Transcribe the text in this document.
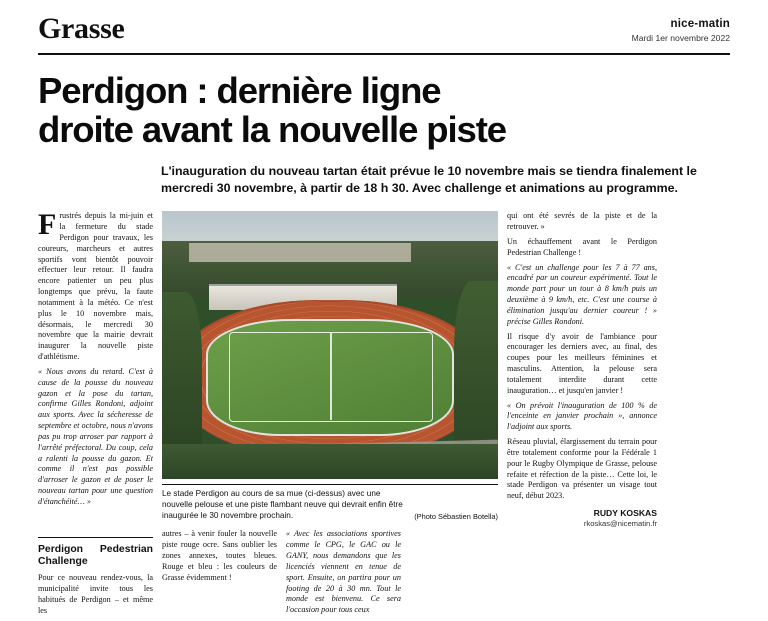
Grasse	nice-matin
Mardi 1er novembre 2022
Perdigon : dernière ligne
droite avant la nouvelle piste
L'inauguration du nouveau tartan était prévue le 10 novembre mais se tiendra finalement le mercredi 30 novembre, à partir de 18 h 30. Avec challenge et animations au programme.

Frustrés depuis la mi-juin et la fermeture du stade Perdigon pour travaux, les coureurs, marcheurs et autres sportifs vont bientôt pouvoir effectuer leur retour. Il faudra encore patienter un peu plus longtemps que prévu, la faute notamment à la météo. Ce n'est plus le 10 novembre mais, désormais, le mercredi 30 novembre que la mairie devrait inaugurer la nouvelle piste d'athlétisme.

« Nous avons du retard. C'est à cause de la pousse du nouveau gazon et la pose du tartan, confirme Gilles Rondoni, adjoint aux sports. Avec la sécheresse de septembre et octobre, nous n'avons pas pu trop arroser par rapport à l'arrêté préfectoral. Du coup, cela a ralenti la pousse du gazon. Et comme il n'est pas possible d'arroser le gazon et de poser le nouveau tartan pour une question d'étanchéité… »

Le stade Perdigon au cours de sa mue (ci-dessus) avec une nouvelle pelouse et une piste flambant neuve qui devrait enfin être inaugurée le 30 novembre prochain.	(Photo Sébastien Botella)

qui ont été sevrés de la piste et de la retrouver. »

Un échauffement avant le Perdigon Pedestrian Challenge !

« C'est un challenge pour les 7 à 77 ans, encadré par un coureur expérimenté. Tout le monde part pour un tour à 8 km/h puis un deuxième à 9 km/h, etc. C'est une course à élimination jusqu'au dernier coureur ! » précise Gilles Rondoni.

Il risque d'y avoir de l'ambiance pour encourager les derniers avec, au final, des coupes pour les meilleurs féminines et masculins. Attention, la pelouse sera totalement interdite durant cette inauguration… et jusqu'en janvier !

« On prévoit l'inauguration de 100 % de l'enceinte en janvier prochain », annonce l'adjoint aux sports.

Réseau pluvial, élargissement du terrain pour être totalement conforme pour la Fédérale 1 pour le Rugby Olympique de Grasse, pelouse refaite et réfection de la piste… Cette loi, le stade Perdigon va présenter un visage tout neuf, début 2023.

RUDY KOSKAS
rkoskas@nicematin.fr
Perdigon Pedestrian Challenge

Pour ce nouveau rendez-vous, la municipalité invite tous les habitués de Perdigon – et même les

autres – à venir fouler la nouvelle piste rouge ocre. Sans oublier les zones annexes, toutes bleues. Rouge et bleu : les couleurs de Grasse évidemment !

« Avec les associations sportives comme le CPG, le GAC ou le GANY, nous demandons que les licenciés viennent en tenue de sport. Ensuite, on partira pour un footing de 20 à 30 mn. Tout le monde est bienvenu. Ce sera l'occasion pour tous ceux
